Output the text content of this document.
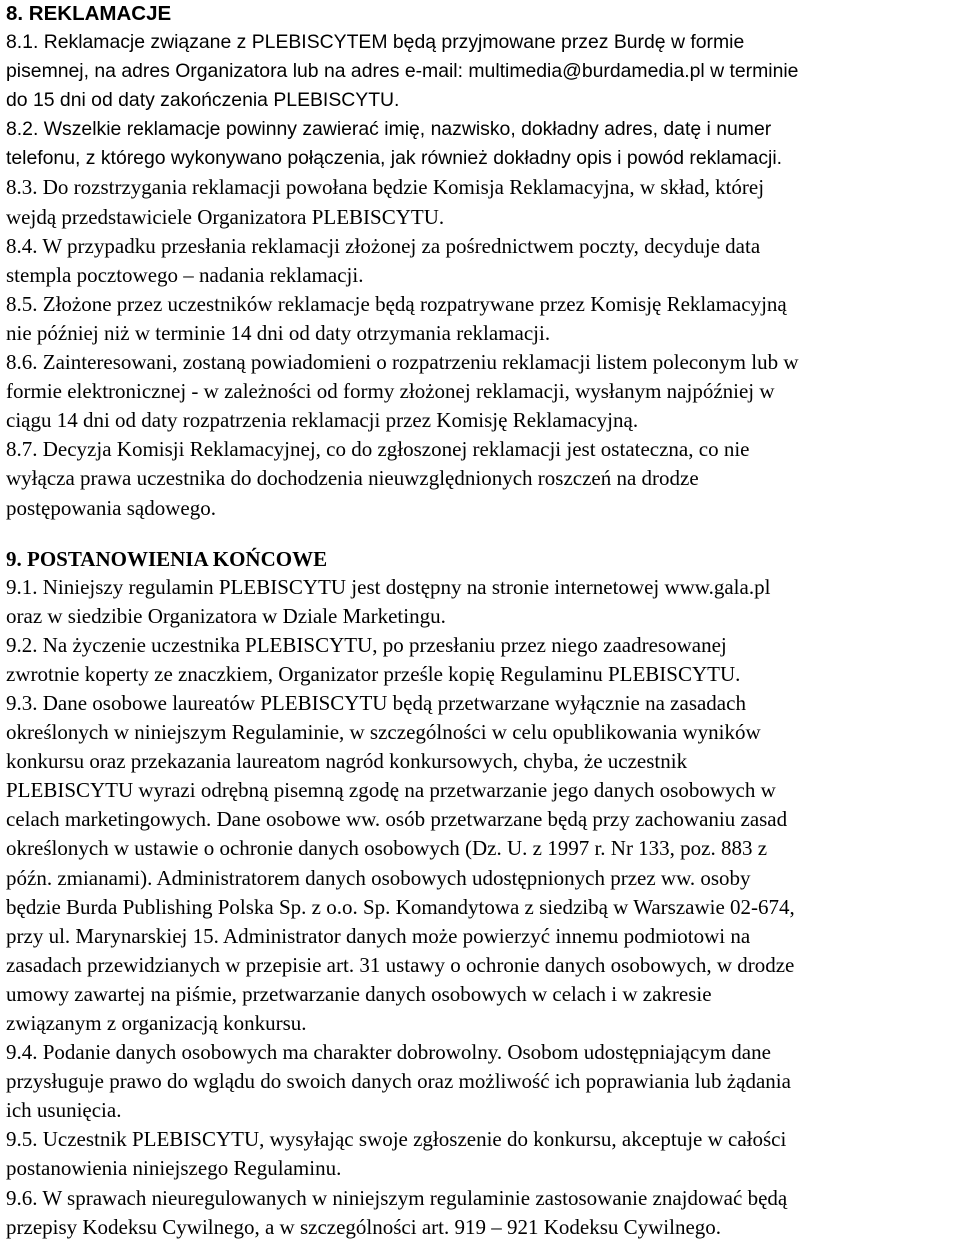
8. REKLAMACJE

8.1. Reklamacje związane z PLEBISCYTEM będą przyjmowane przez Burdę w formie
pisemnej, na adres Organizatora lub na adres e-mail: multimedia@burdamedia.pl w terminie
do 15 dni od daty zakończenia PLEBISCYTU.

8.2. Wszelkie reklamacje powinny zawierać imię, nazwisko, dokładny adres, datę i numer
telefonu, z którego wykonywano połączenia, jak również dokładny opis i powód reklamacji.

8.3. Do rozstrzygania reklamacji powołana będzie Komisja Reklamacyjna, w skład, której
wejdą przedstawiciele Organizatora PLEBISCYTU.

8.4. W przypadku przesłania reklamacji złożonej za pośrednictwem poczty, decyduje data
stempla pocztowego – nadania reklamacji.

8.5. Złożone przez uczestników reklamacje będą rozpatrywane przez Komisję Reklamacyjną
nie później niż w terminie 14 dni od daty otrzymania reklamacji.

8.6. Zainteresowani, zostaną powiadomieni o rozpatrzeniu reklamacji listem poleconym lub w
formie elektronicznej - w zależności od formy złożonej reklamacji, wysłanym najpóźniej w
ciągu 14 dni od daty rozpatrzenia reklamacji przez Komisję Reklamacyjną.

8.7. Decyzja Komisji Reklamacyjnej, co do zgłoszonej reklamacji jest ostateczna, co nie
wyłącza prawa uczestnika do dochodzenia nieuwzględnionych roszczeń na drodze
postępowania sądowego.

9. POSTANOWIENIA KOŃCOWE

9.1. Niniejszy regulamin PLEBISCYTU jest dostępny na stronie internetowej www.gala.pl
oraz w siedzibie Organizatora w Dziale Marketingu.

9.2. Na życzenie uczestnika PLEBISCYTU, po przesłaniu przez niego zaadresowanej
zwrotnie koperty ze znaczkiem, Organizator prześle kopię Regulaminu PLEBISCYTU.

9.3. Dane osobowe laureatów PLEBISCYTU będą przetwarzane wyłącznie na zasadach
określonych w niniejszym Regulaminie, w szczególności w celu opublikowania wyników
konkursu oraz przekazania laureatom nagród konkursowych, chyba, że uczestnik
PLEBISCYTU wyrazi odrębną pisemną zgodę na przetwarzanie jego danych osobowych w
celach marketingowych. Dane osobowe ww. osób przetwarzane będą przy zachowaniu zasad
określonych w ustawie o ochronie danych osobowych (Dz. U. z 1997 r. Nr 133, poz. 883 z
późn. zmianami). Administratorem danych osobowych udostępnionych przez ww. osoby
będzie Burda Publishing Polska Sp. z o.o. Sp. Komandytowa z siedzibą w Warszawie 02-674,
przy ul. Marynarskiej 15. Administrator danych może powierzyć innemu podmiotowi na
zasadach przewidzianych w przepisie art. 31 ustawy o ochronie danych osobowych, w drodze
umowy zawartej na piśmie, przetwarzanie danych osobowych w celach i w zakresie
związanym z organizacją konkursu.

9.4. Podanie danych osobowych ma charakter dobrowolny. Osobom udostępniającym dane
przysługuje prawo do wglądu do swoich danych oraz możliwość ich poprawiania lub żądania
ich usunięcia.

9.5. Uczestnik PLEBISCYTU, wysyłając swoje zgłoszenie do konkursu, akceptuje w całości
postanowienia niniejszego Regulaminu.

9.6. W sprawach nieuregulowanych w niniejszym regulaminie zastosowanie znajdować będą
przepisy Kodeksu Cywilnego, a w szczególności art. 919 – 921 Kodeksu Cywilnego.
